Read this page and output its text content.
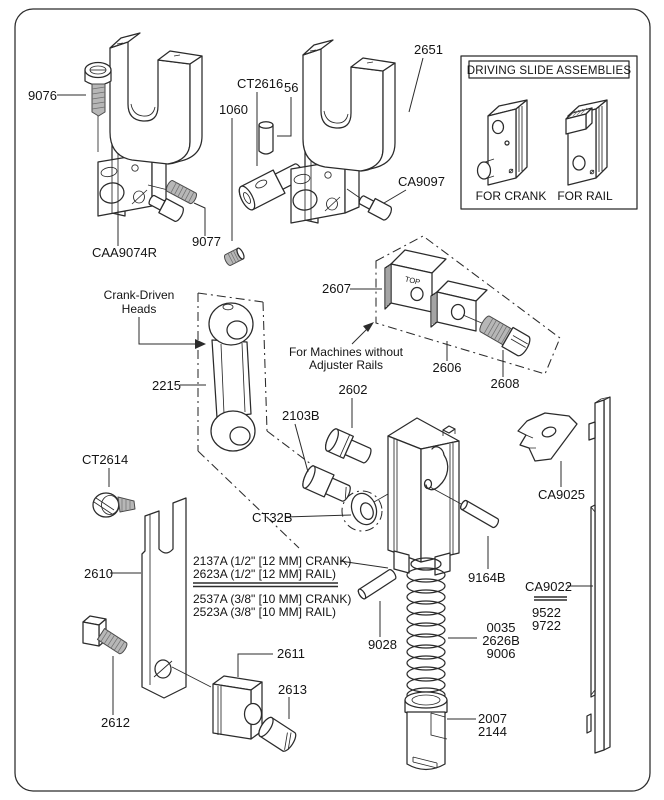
DRIVING SLIDE ASSEMBLIES
FOR CRANK FOR RAIL
TOP
9076
CAA9074R
9077
CT2616 56
1060
2651
CA9097
Crank-Driven
Heads
2215
2607
2606
2608
For Machines without
Adjuster Rails
2602
2103B
CT32B
CT2614
2610
2612
2611
2613
2137A (1/2" [12 MM] CRANK)
2623A (1/2" [12 MM] RAIL)
2537A (3/8" [10 MM] CRANK)
2523A (3/8" [10 MM] RAIL)
9028
9164B
0035
2626B
9006
2007
2144
CA9025
CA9022
9522
9722
